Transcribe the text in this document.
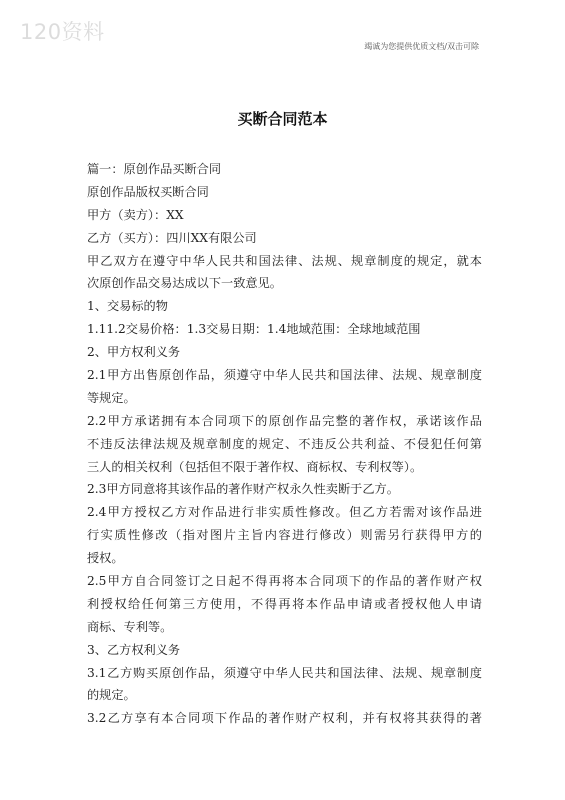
120资料
竭诚为您提供优质文档/双击可除
买断合同范本
篇一：原创作品买断合同
原创作品版权买断合同
甲方（卖方）：XX
乙方（买方）：四川XX有限公司
甲乙双方在遵守中华人民共和国法律、法规、规章制度的规定，就本
次原创作品交易达成以下一致意见。
1、交易标的物
1.11.2交易价格：1.3交易日期：1.4地域范围：全球地域范围
2、甲方权利义务
2.1甲方出售原创作品，须遵守中华人民共和国法律、法规、规章制度
等规定。
2.2甲方承诺拥有本合同项下的原创作品完整的著作权，承诺该作品
不违反法律法规及规章制度的规定、不违反公共利益、不侵犯任何第
三人的相关权利（包括但不限于著作权、商标权、专利权等）。
2.3甲方同意将其该作品的著作财产权永久性卖断于乙方。
2.4甲方授权乙方对作品进行非实质性修改。但乙方若需对该作品进
行实质性修改（指对图片主旨内容进行修改）则需另行获得甲方的
授权。
2.5甲方自合同签订之日起不得再将本合同项下的作品的著作财产权
利授权给任何第三方使用，不得再将本作品申请或者授权他人申请
商标、专利等。
3、乙方权利义务
3.1乙方购买原创作品，须遵守中华人民共和国法律、法规、规章制度
的规定。
3.2乙方享有本合同项下作品的著作财产权利，并有权将其获得的著
